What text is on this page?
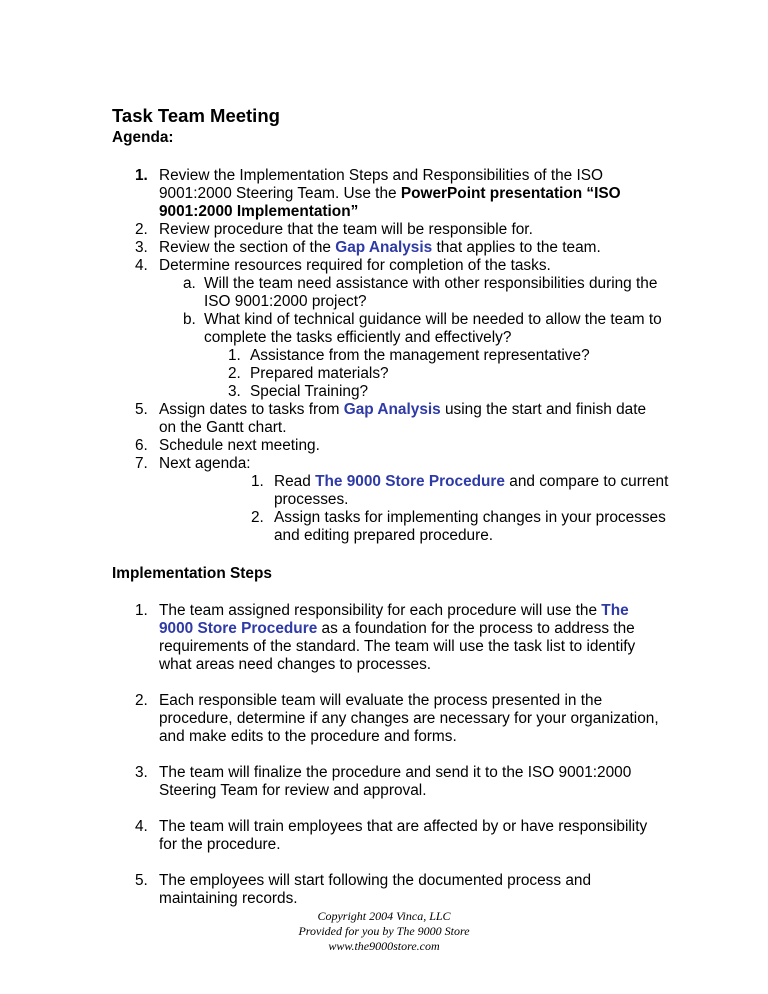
Task Team Meeting
Agenda:
1. Review the Implementation Steps and Responsibilities of the ISO
9001:2000 Steering Team. Use the PowerPoint presentation “ISO
9001:2000 Implementation”
2. Review procedure that the team will be responsible for.
3. Review the section of the Gap Analysis that applies to the team.
4. Determine resources required for completion of the tasks.
a. Will the team need assistance with other responsibilities during the
ISO 9001:2000 project?
b. What kind of technical guidance will be needed to allow the team to
complete the tasks efficiently and effectively?
1. Assistance from the management representative?
2. Prepared materials?
3. Special Training?
5. Assign dates to tasks from Gap Analysis using the start and finish date
on the Gantt chart.
6. Schedule next meeting.
7. Next agenda:
1. Read The 9000 Store Procedure and compare to current
processes.
2. Assign tasks for implementing changes in your processes
and editing prepared procedure.
Implementation Steps
1. The team assigned responsibility for each procedure will use the The
9000 Store Procedure as a foundation for the process to address the
requirements of the standard. The team will use the task list to identify
what areas need changes to processes.
2. Each responsible team will evaluate the process presented in the
procedure, determine if any changes are necessary for your organization,
and make edits to the procedure and forms.
3. The team will finalize the procedure and send it to the ISO 9001:2000
Steering Team for review and approval.
4. The team will train employees that are affected by or have responsibility
for the procedure.
5. The employees will start following the documented process and
maintaining records.
Copyright 2004 Vinca, LLC
Provided for you by The 9000 Store
www.the9000store.com
